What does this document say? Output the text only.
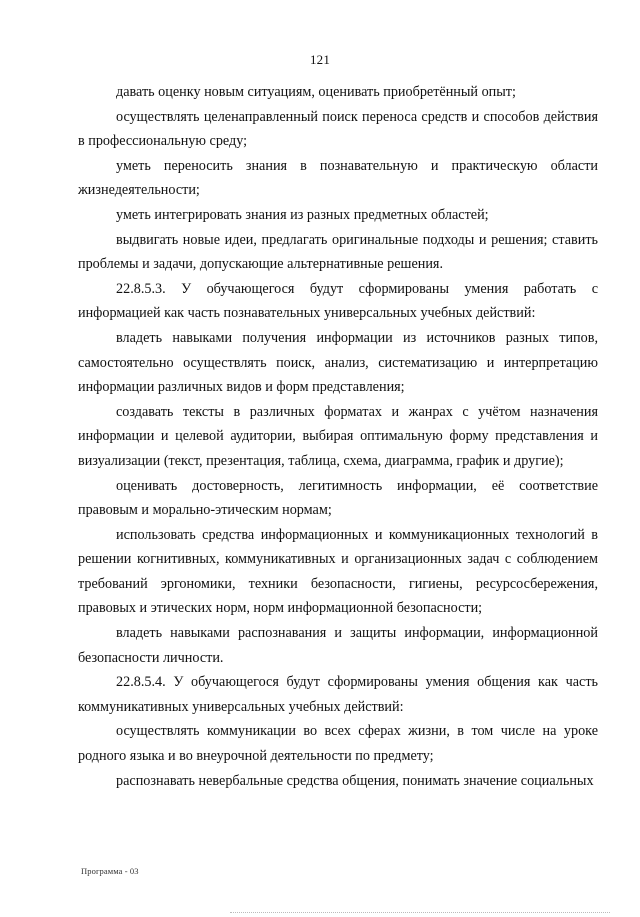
121

давать оценку новым ситуациям, оценивать приобретённый опыт;

осуществлять целенаправленный поиск переноса средств и способов действия в профессиональную среду;

уметь переносить знания в познавательную и практическую области жизнедеятельности;

уметь интегрировать знания из разных предметных областей;

выдвигать новые идеи, предлагать оригинальные подходы и решения; ставить проблемы и задачи, допускающие альтернативные решения.

22.8.5.3. У обучающегося будут сформированы умения работать с информацией как часть познавательных универсальных учебных действий:

владеть навыками получения информации из источников разных типов, самостоятельно осуществлять поиск, анализ, систематизацию и интерпретацию информации различных видов и форм представления;

создавать тексты в различных форматах и жанрах с учётом назначения информации и целевой аудитории, выбирая оптимальную форму представления и визуализации (текст, презентация, таблица, схема, диаграмма, график и другие);

оценивать достоверность, легитимность информации, её соответствие правовым и морально-этическим нормам;

использовать средства информационных и коммуникационных технологий в решении когнитивных, коммуникативных и организационных задач с соблюдением требований эргономики, техники безопасности, гигиены, ресурсосбережения, правовых и этических норм, норм информационной безопасности;

владеть навыками распознавания и защиты информации, информационной безопасности личности.

22.8.5.4. У обучающегося будут сформированы умения общения как часть коммуникативных универсальных учебных действий:

осуществлять коммуникации во всех сферах жизни, в том числе на уроке родного языка и во внеурочной деятельности по предмету;

распознавать невербальные средства общения, понимать значение социальных

Программа - 03
